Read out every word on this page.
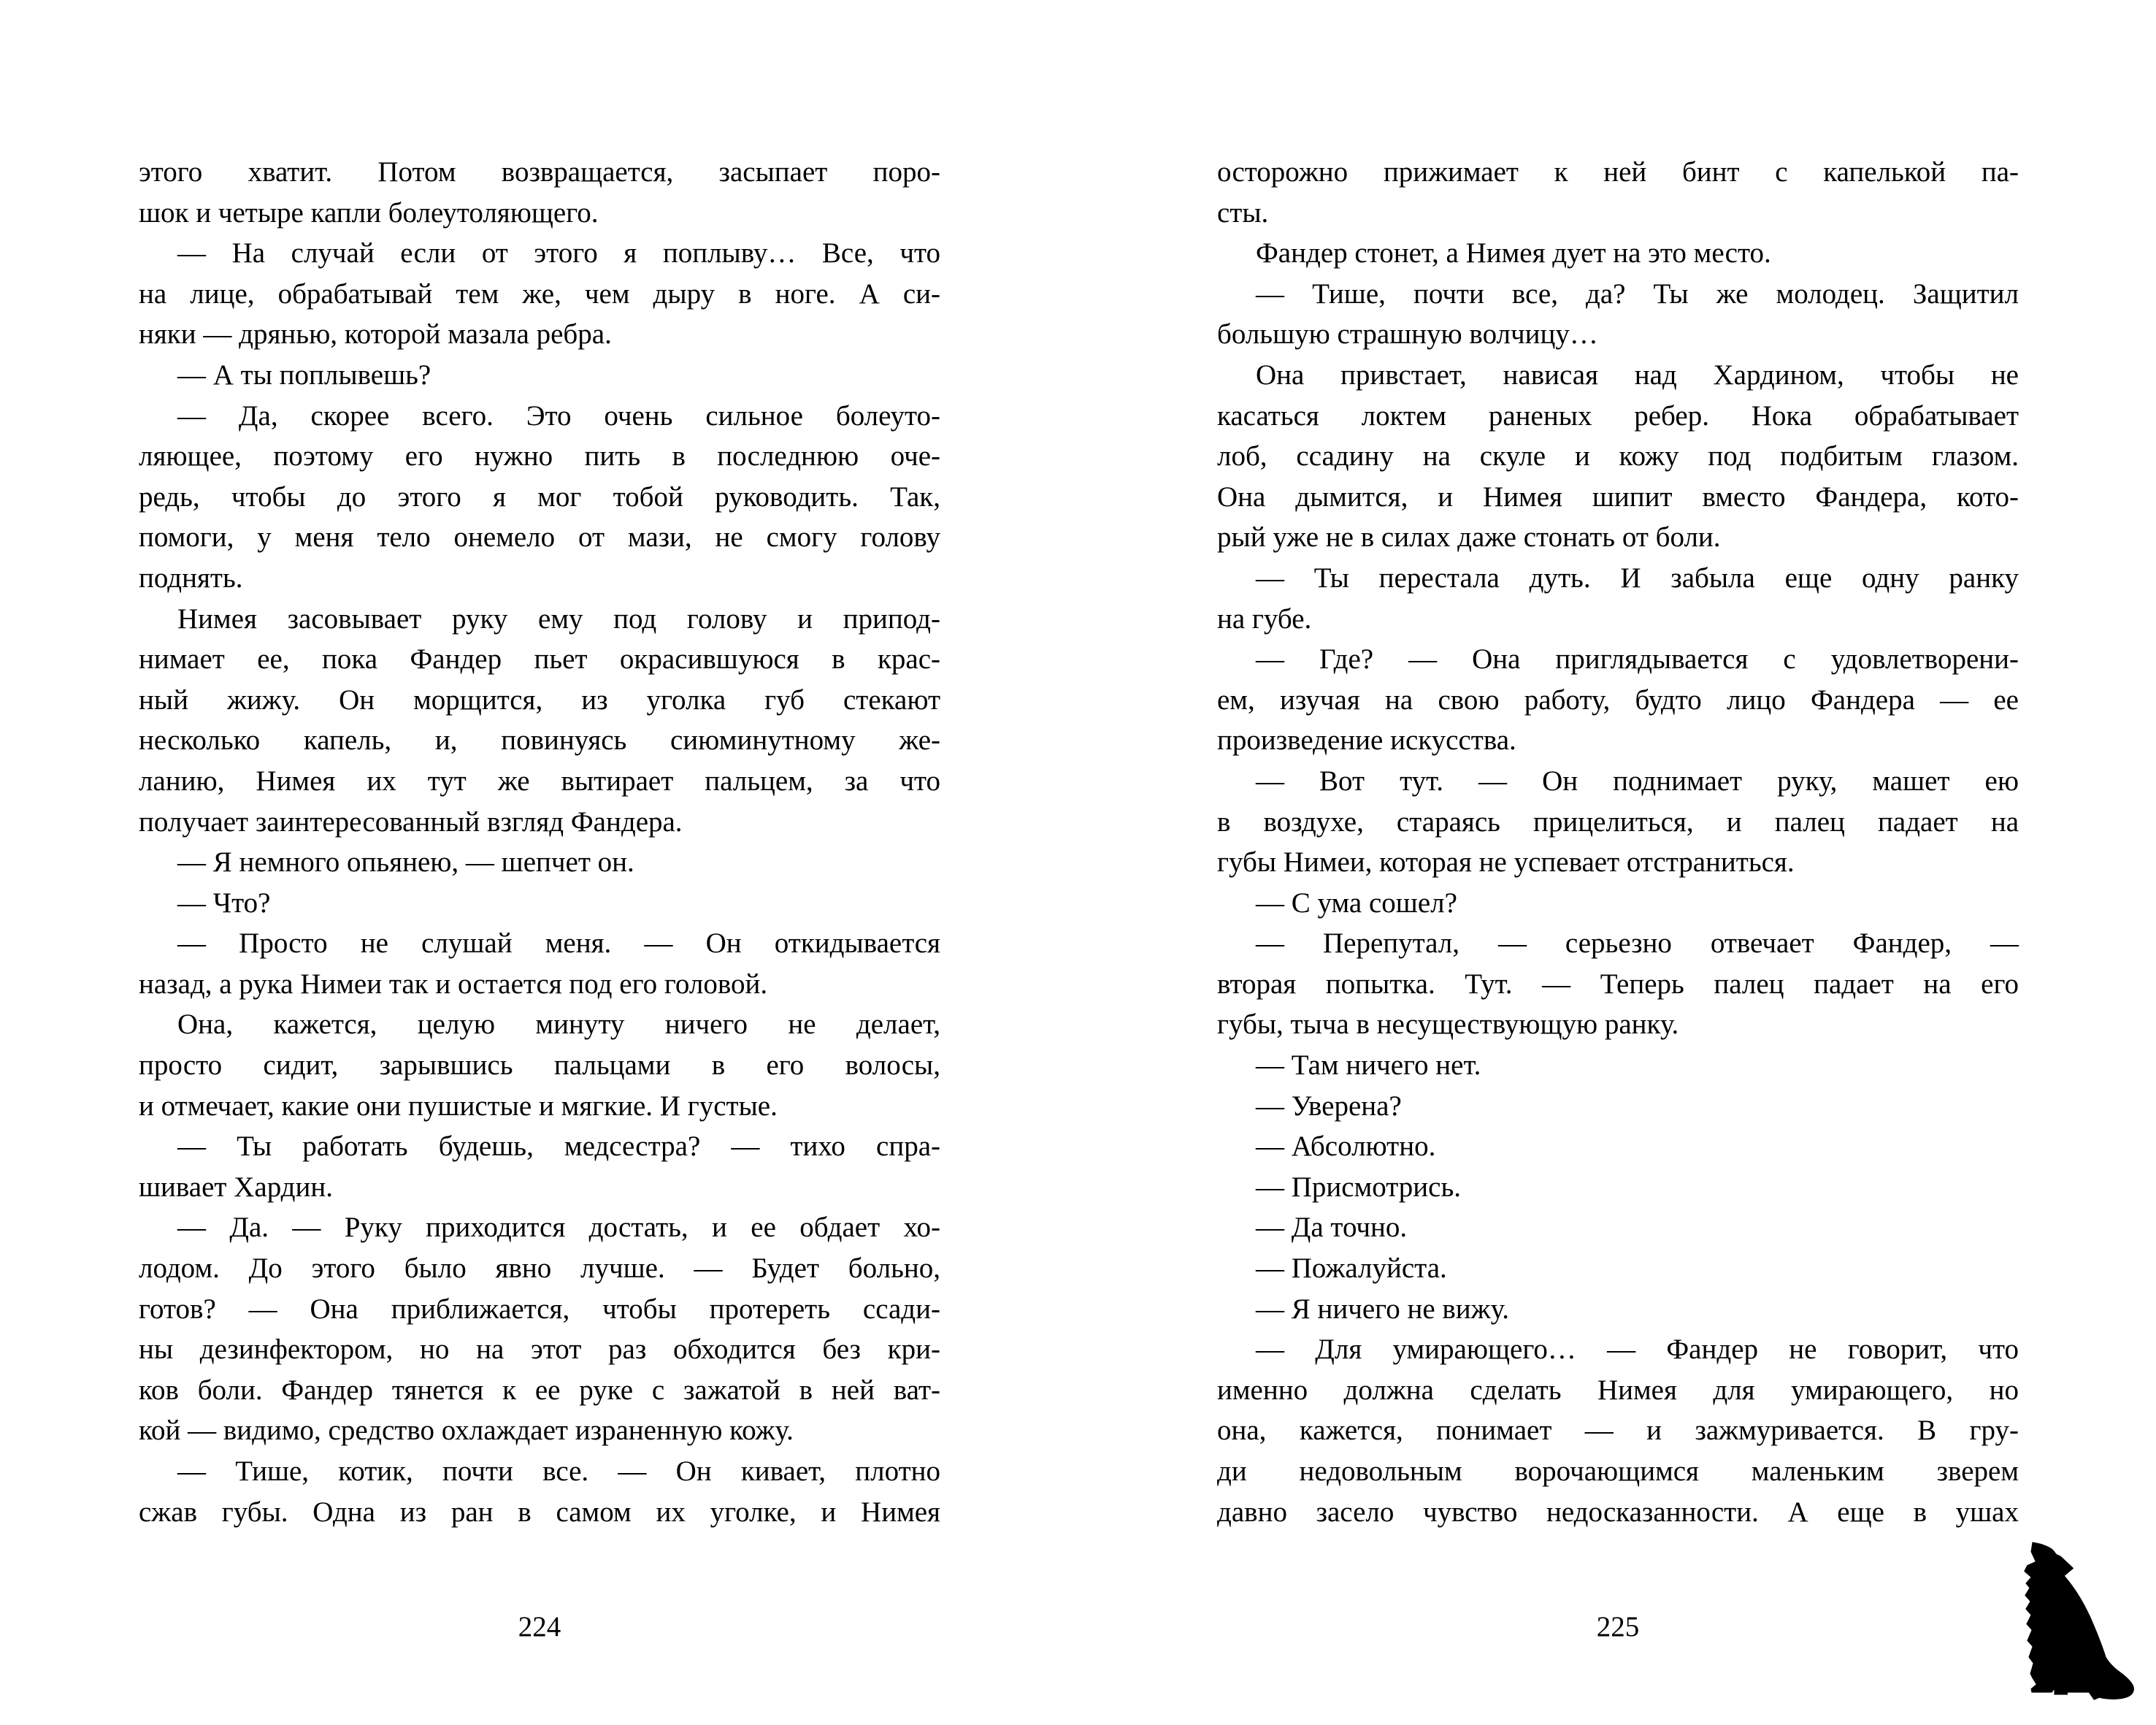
этого хватит. Потом возвращается, засыпает поро-
шок и четыре капли болеутоляющего.
— На случай если от этого я поплыву… Все, что
на лице, обрабатывай тем же, чем дыру в ноге. А си-
няки — дрянью, которой мазала ребра.
— А ты поплывешь?
— Да, скорее всего. Это очень сильное болеуто-
ляющее, поэтому его нужно пить в последнюю оче-
редь, чтобы до этого я мог тобой руководить. Так,
помоги, у меня тело онемело от мази, не смогу голову
поднять.
Нимея засовывает руку ему под голову и припод-
нимает ее, пока Фандер пьет окрасившуюся в крас-
ный жижу. Он морщится, из уголка губ стекают
несколько капель, и, повинуясь сиюминутному же-
ланию, Нимея их тут же вытирает пальцем, за что
получает заинтересованный взгляд Фандера.
— Я немного опьянею, — шепчет он.
— Что?
— Просто не слушай меня. — Он откидывается
назад, а рука Нимеи так и остается под его головой.
Она, кажется, целую минуту ничего не делает,
просто сидит, зарывшись пальцами в его волосы,
и отмечает, какие они пушистые и мягкие. И густые.
— Ты работать будешь, медсестра? — тихо спра-
шивает Хардин.
— Да. — Руку приходится достать, и ее обдает хо-
лодом. До этого было явно лучше. — Будет больно,
готов? — Она приближается, чтобы протереть ссади-
ны дезинфектором, но на этот раз обходится без кри-
ков боли. Фандер тянется к ее руке с зажатой в ней ват-
кой — видимо, средство охлаждает израненную кожу.
— Тише, котик, почти все. — Он кивает, плотно
сжав губы. Одна из ран в самом их уголке, и Нимея
осторожно прижимает к ней бинт с капелькой па-
сты.
Фандер стонет, а Нимея дует на это место.
— Тише, почти все, да? Ты же молодец. Защитил
большую страшную волчицу…
Она привстает, нависая над Хардином, чтобы не
касаться локтем раненых ребер. Нока обрабатывает
лоб, ссадину на скуле и кожу под подбитым глазом.
Она дымится, и Нимея шипит вместо Фандера, кото-
рый уже не в силах даже стонать от боли.
— Ты перестала дуть. И забыла еще одну ранку
на губе.
— Где? — Она приглядывается с удовлетворени-
ем, изучая на свою работу, будто лицо Фандера — ее
произведение искусства.
— Вот тут. — Он поднимает руку, машет ею
в воздухе, стараясь прицелиться, и палец падает на
губы Нимеи, которая не успевает отстраниться.
— С ума сошел?
— Перепутал, — серьезно отвечает Фандер, —
вторая попытка. Тут. — Теперь палец падает на его
губы, тыча в несуществующую ранку.
— Там ничего нет.
— Уверена?
— Абсолютно.
— Присмотрись.
— Да точно.
— Пожалуйста.
— Я ничего не вижу.
— Для умирающего… — Фандер не говорит, что
именно должна сделать Нимея для умирающего, но
она, кажется, понимает — и зажмуривается. В гру-
ди недовольным ворочающимся маленьким зверем
давно засело чувство недосказанности. А еще в ушах
224	225
